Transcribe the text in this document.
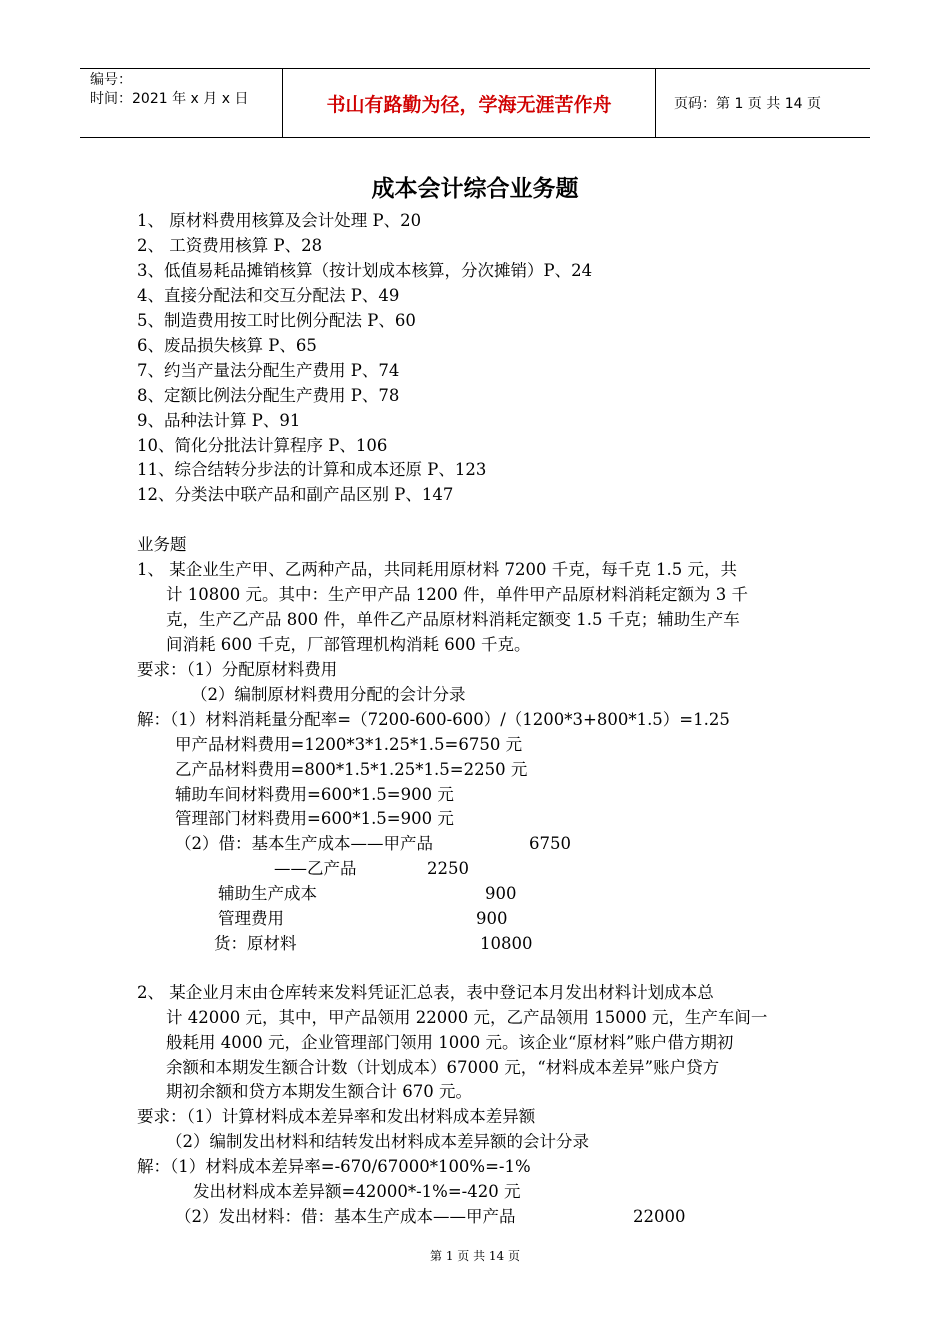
编号：
时间：2021 年 x 月 x 日	书山有路勤为径，学海无涯苦作舟	页码：第 1 页 共 14 页
成本会计综合业务题
1、 原材料费用核算及会计处理 P、20
2、 工资费用核算 P、28
3、低值易耗品摊销核算（按计划成本核算，分次摊销）P、24
4、直接分配法和交互分配法 P、49
5、制造费用按工时比例分配法 P、60
6、废品损失核算 P、65
7、约当产量法分配生产费用 P、74
8、定额比例法分配生产费用 P、78
9、品种法计算 P、91
10、简化分批法计算程序 P、106
11、综合结转分步法的计算和成本还原 P、123
12、分类法中联产品和副产品区别 P、147
业务题
1、 某企业生产甲、乙两种产品，共同耗用原材料 7200 千克，每千克 1.5 元，共
计 10800 元。其中：生产甲产品 1200 件，单件甲产品原材料消耗定额为 3 千
克，生产乙产品 800 件，单件乙产品原材料消耗定额变 1.5 千克；辅助生产车
间消耗 600 千克，厂部管理机构消耗 600 千克。
要求：（1）分配原材料费用
（2）编制原材料费用分配的会计分录
解：（1）材料消耗量分配率=（7200-600-600）/（1200*3+800*1.5）=1.25
甲产品材料费用=1200*3*1.25*1.5=6750 元
乙产品材料费用=800*1.5*1.25*1.5=2250 元
辅助车间材料费用=600*1.5=900 元
管理部门材料费用=600*1.5=900 元
（2）借：基本生产成本——甲产品	6750
——乙产品	2250
辅助生产成本	900
管理费用	900
货：原材料	10800
2、 某企业月末由仓库转来发料凭证汇总表，表中登记本月发出材料计划成本总
计 42000 元，其中，甲产品领用 22000 元，乙产品领用 15000 元，生产车间一
般耗用 4000 元，企业管理部门领用 1000 元。该企业“原材料”账户借方期初
余额和本期发生额合计数（计划成本）67000 元，“材料成本差异”账户贷方
期初余额和贷方本期发生额合计 670 元。
要求：（1）计算材料成本差异率和发出材料成本差异额
（2）编制发出材料和结转发出材料成本差异额的会计分录
解：（1）材料成本差异率=-670/67000*100%=-1%
发出材料成本差异额=42000*-1%=-420 元
（2）发出材料：借：基本生产成本——甲产品	22000
第 1 页 共 14 页
